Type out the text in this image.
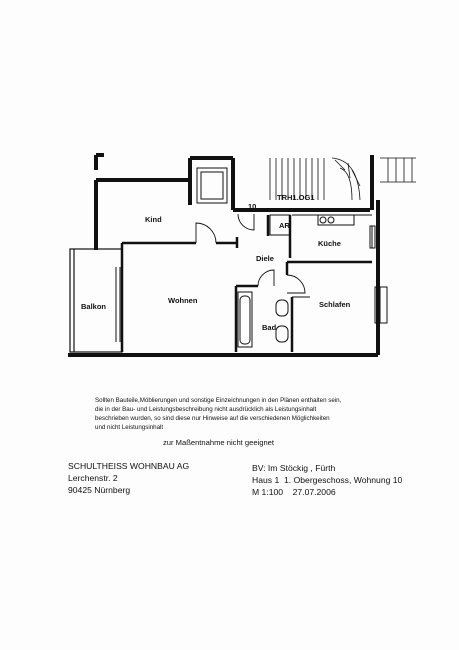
10
TRH1.OG1
Kind
AR
Küche
Diele
Balkon
Wohnen	Schlafen
Bad
Sollten Bauteile,Möblierungen und sonstige Einzeichnungen in den Plänen enthalten sein,
die in der Bau- und Leistungsbeschreibung nicht ausdrücklich als Leistungsinhalt
beschrieben wurden, so sind diese nur Hinweise auf die verschiedenen Möglichkeiten
und nicht Leistungsinhalt
zur Maßentnahme nicht geeignet
SCHULTHEISS WOHNBAU AG
Lerchenstr. 2
90425 Nürnberg
BV: Im Stöckig , Fürth
Haus 1 1. Obergeschoss, Wohnung 10
M 1:100 27.07.2006
